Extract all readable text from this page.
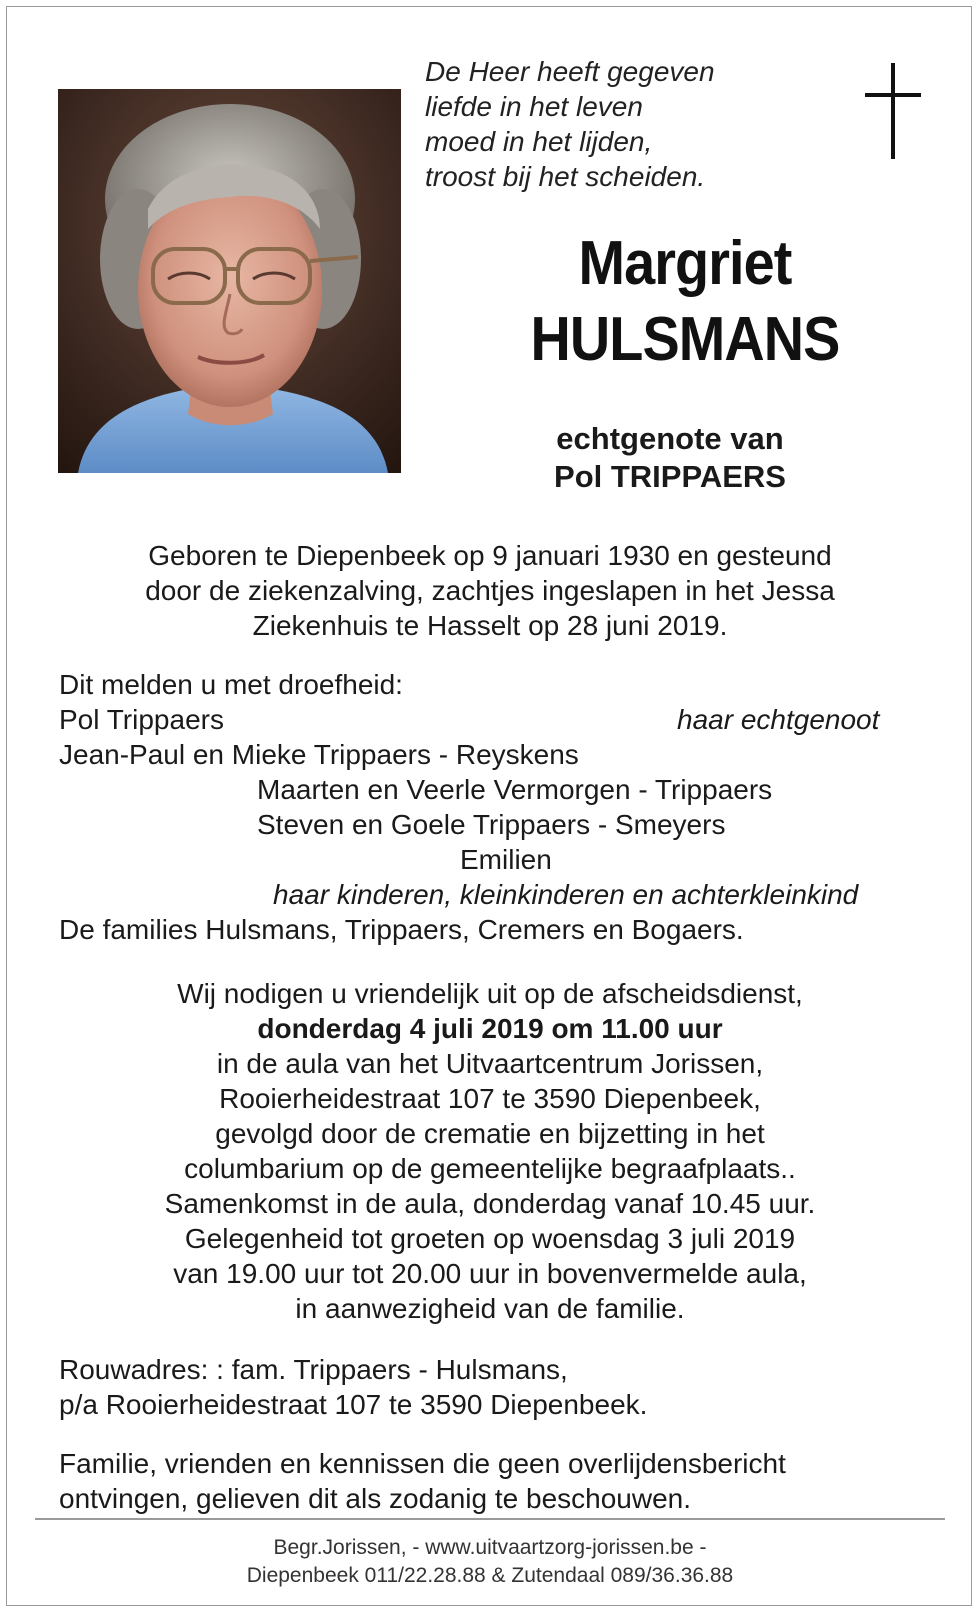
De Heer heeft gegeven
liefde in het leven
moed in het lijden,
troost bij het scheiden.
Margriet
HULSMANS
echtgenote van
Pol TRIPPAERS
Geboren te Diepenbeek op 9 januari 1930 en gesteund
door de ziekenzalving, zachtjes ingeslapen in het Jessa
Ziekenhuis te Hasselt op 28 juni 2019.
Dit melden u met droefheid:
Pol Trippaers	haar echtgenoot
Jean-Paul en Mieke Trippaers - Reyskens
Maarten en Veerle Vermorgen - Trippaers
Steven en Goele Trippaers - Smeyers
Emilien
haar kinderen, kleinkinderen en achterkleinkind
De families Hulsmans, Trippaers, Cremers en Bogaers.
Wij nodigen u vriendelijk uit op de afscheidsdienst,
donderdag 4 juli 2019 om 11.00 uur
in de aula van het Uitvaartcentrum Jorissen,
Rooierheidestraat 107 te 3590 Diepenbeek,
gevolgd door de crematie en bijzetting in het
columbarium op de gemeentelijke begraafplaats..
Samenkomst in de aula, donderdag vanaf 10.45 uur.
Gelegenheid tot groeten op woensdag 3 juli 2019
van 19.00 uur tot 20.00 uur in bovenvermelde aula,
in aanwezigheid van de familie.
Rouwadres: : fam. Trippaers - Hulsmans,
p/a Rooierheidestraat 107 te 3590 Diepenbeek.
Familie, vrienden en kennissen die geen overlijdensbericht
ontvingen, gelieven dit als zodanig te beschouwen.
Begr.Jorissen, - www.uitvaartzorg-jorissen.be -
Diepenbeek 011/22.28.88 & Zutendaal 089/36.36.88
